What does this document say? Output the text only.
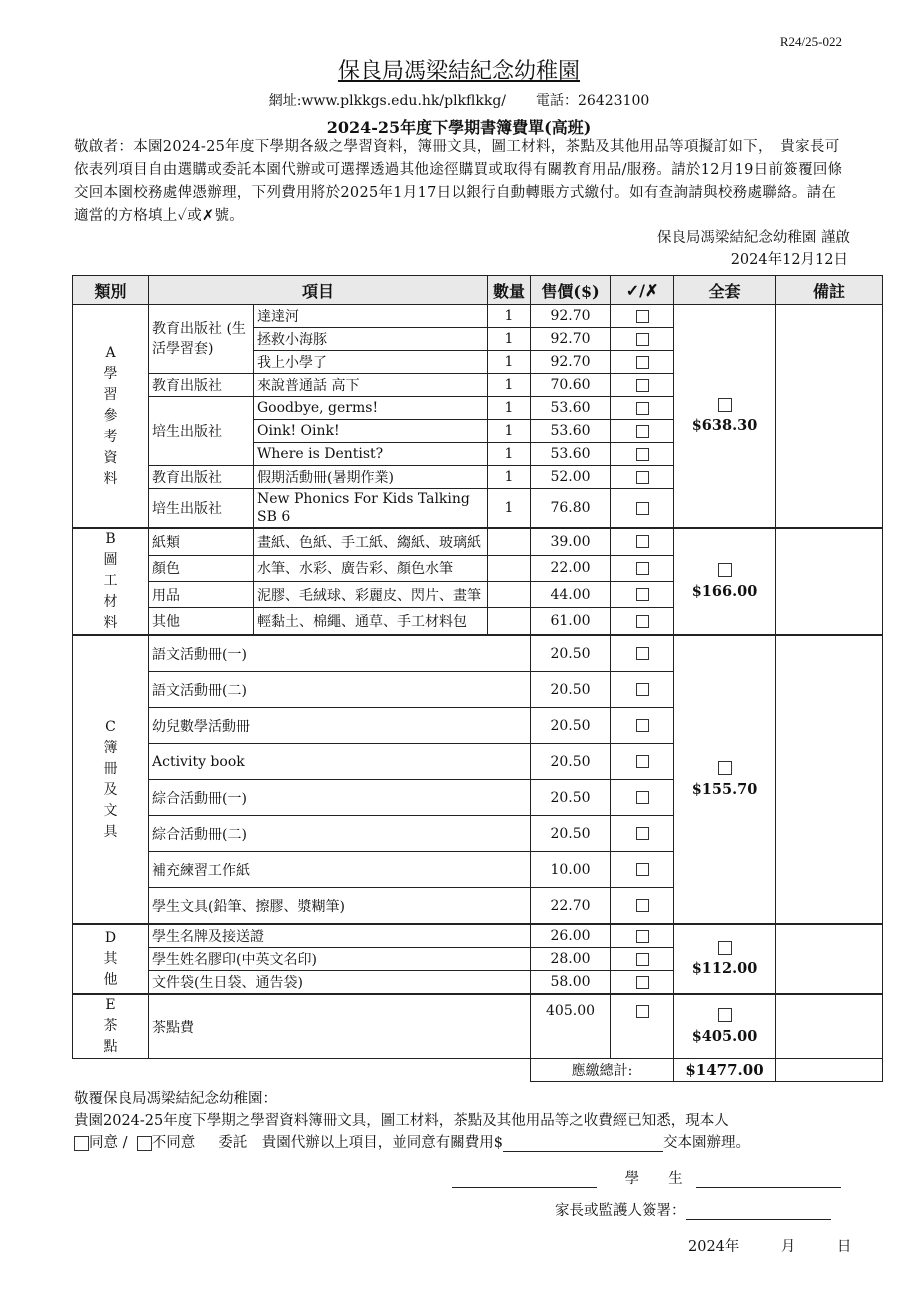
R24/25-022
保良局馮梁結紀念幼稚園
網址:www.plkkgs.edu.hk/plkflkkg/ 電話：26423100
2024-25年度下學期書簿費單(高班)
敬啟者：本園2024-25年度下學期各級之學習資料，簿冊文具，圖工材料，茶點及其他用品等項擬訂如下，　貴家長可依表列項目自由選購或委託本園代辦或可選擇透過其他途徑購買或取得有關教育用品/服務。請於12月19日前簽覆回條交回本園校務處俾憑辦理，下列費用將於2025年1月17日以銀行自動轉賬方式繳付。如有查詢請與校務處聯絡。請在適當的方格填上✓或✗號。
保良局馮梁結紀念幼稚園 謹啟
2024年12月12日
類別	項目		數量	售價($)	✓/✗	全套	備註

A 學 習 參 考 資 料	教育出版社 (生活學習套)	達達河	1	92.70		$638.30	
		拯救小海豚	1	92.70			
		我上小學了	1	92.70			
	教育出版社	來說普通話 高下	1	70.60			
	培生出版社	Goodbye, germs!	1	53.60			
		Oink! Oink!	1	53.60			
		Where is Dentist?	1	53.60			
	教育出版社	假期活動冊(暑期作業)	1	52.00			
	培生出版社	New Phonics For Kids Talking SB 6	1	76.80			

B 圖 工 材 料	紙類	畫紙、色紙、手工紙、縐紙、玻璃紙		39.00		$166.00	
	顏色	水筆、水彩、廣告彩、顏色水筆		22.00			
	用品	泥膠、毛絨球、彩麗皮、閃片、畫筆		44.00			
	其他	輕黏土、棉繩、通草、手工材料包		61.00			

C 簿 冊 及 文 具	語文活動冊(一)			20.50		$155.70	
	語文活動冊(二)			20.50			
	幼兒數學活動冊			20.50			
	Activity book			20.50			
	綜合活動冊(一)			20.50			
	綜合活動冊(二)			20.50			
	補充練習工作紙			10.00			
	學生文具(鉛筆、擦膠、漿糊筆)			22.70			

D 其 他	學生名牌及接送證			26.00		$112.00	
	學生姓名膠印(中英文名印)			28.00			
	文件袋(生日袋、通告袋)			58.00			

E 茶 點	茶點費			405.00		$405.00	
				應繳總計:		$1477.00	
敬覆保良局馮梁結紀念幼稚園：
貴園2024-25年度下學期之學習資料簿冊文具，圖工材料，茶點及其他用品等之收費經已知悉，現本人
同意 / 不同意 委託　貴園代辦以上項目，並同意有關費用$	交本園辦理。
學　　生
家長或監護人簽署：
2024年	月	日
